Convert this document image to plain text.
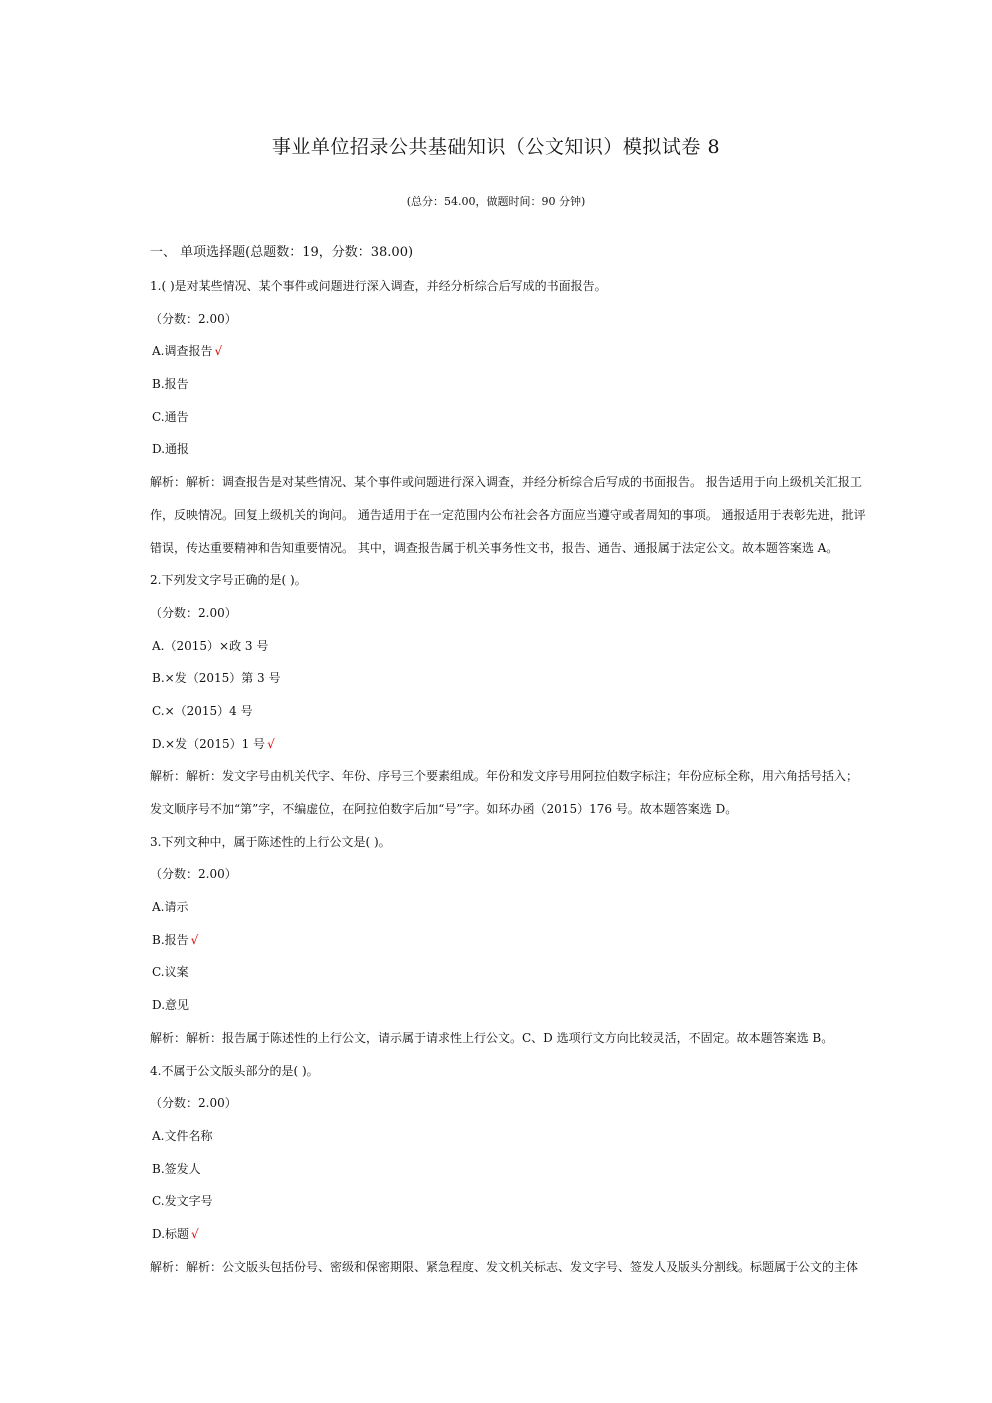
事业单位招录公共基础知识（公文知识）模拟试卷 8
(总分：54.00，做题时间：90 分钟)
一、 单项选择题(总题数：19，分数：38.00)
1.( )是对某些情况、某个事件或问题进行深入调查，并经分析综合后写成的书面报告。
（分数：2.00）
A.调查报告 √
B.报告
C.通告
D.通报
解析：解析：调查报告是对某些情况、某个事件或问题进行深入调查，并经分析综合后写成的书面报告。 报告适用于向上级机关汇报工
作，反映情况。回复上级机关的询问。 通告适用于在一定范围内公布社会各方面应当遵守或者周知的事项。 通报适用于表彰先进，批评
错误，传达重要精神和告知重要情况。 其中，调查报告属于机关事务性文书，报告、通告、通报属于法定公文。故本题答案选 A。
2.下列发文字号正确的是( )。
（分数：2.00）
A.（2015）×政 3 号
B.×发（2015）第 3 号
C.×（2015）4 号
D.×发（2015）1 号 √
解析：解析：发文字号由机关代字、年份、序号三个要素组成。年份和发文序号用阿拉伯数字标注；年份应标全称，用六角括号括入；
发文顺序号不加“第”字，不编虚位，在阿拉伯数字后加“号”字。如环办函（2015）176 号。故本题答案选 D。
3.下列文种中，属于陈述性的上行公文是( )。
（分数：2.00）
A.请示
B.报告 √
C.议案
D.意见
解析：解析：报告属于陈述性的上行公文，请示属于请求性上行公文。C、D 选项行文方向比较灵活，不固定。故本题答案选 B。
4.不属于公文版头部分的是( )。
（分数：2.00）
A.文件名称
B.签发人
C.发文字号
D.标题 √
解析：解析：公文版头包括份号、密级和保密期限、紧急程度、发文机关标志、发文字号、签发人及版头分割线。标题属于公文的主体
